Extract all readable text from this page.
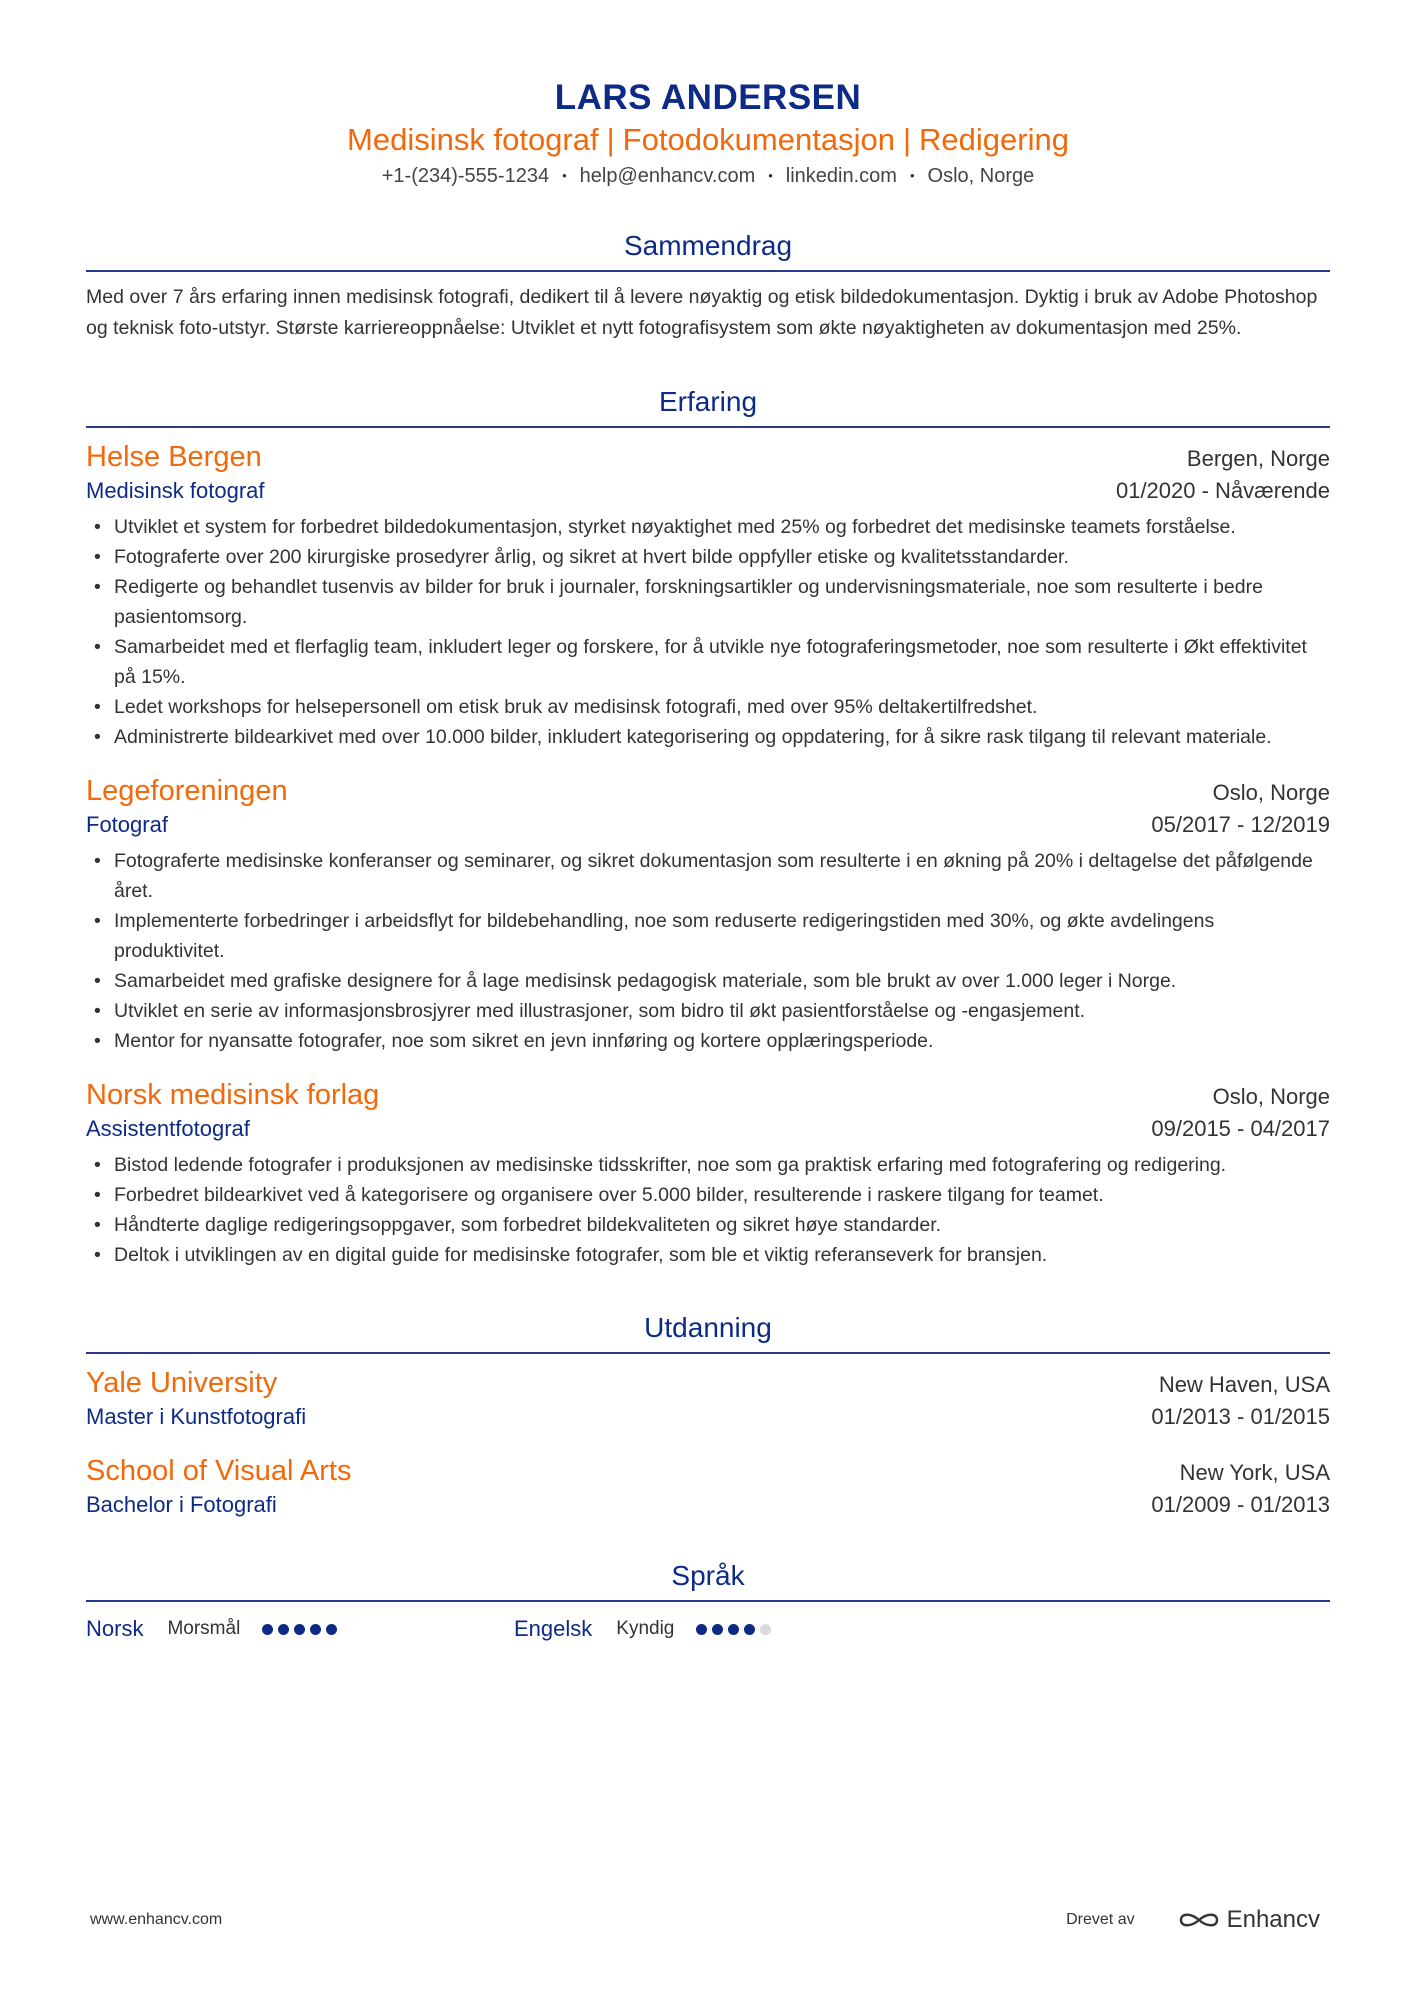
LARS ANDERSEN
Medisinsk fotograf | Fotodokumentasjon | Redigering
+1-(234)-555-1234 • help@enhancv.com • linkedin.com • Oslo, Norge
Sammendrag
Med over 7 års erfaring innen medisinsk fotografi, dedikert til å levere nøyaktig og etisk bildedokumentasjon. Dyktig i bruk av Adobe Photoshop og teknisk foto-utstyr. Største karriereoppnåelse: Utviklet et nytt fotografisystem som økte nøyaktigheten av dokumentasjon med 25%.
Erfaring
Helse Bergen	Bergen, Norge
Medisinsk fotograf	01/2020 - Nåværende
• Utviklet et system for forbedret bildedokumentasjon, styrket nøyaktighet med 25% og forbedret det medisinske teamets forståelse.
• Fotograferte over 200 kirurgiske prosedyrer årlig, og sikret at hvert bilde oppfyller etiske og kvalitetsstandarder.
• Redigerte og behandlet tusenvis av bilder for bruk i journaler, forskningsartikler og undervisningsmateriale, noe som resulterte i bedre pasientomsorg.
• Samarbeidet med et flerfaglig team, inkludert leger og forskere, for å utvikle nye fotograferingsmetoder, noe som resulterte i Økt effektivitet på 15%.
• Ledet workshops for helsepersonell om etisk bruk av medisinsk fotografi, med over 95% deltakertilfredshet.
• Administrerte bildearkivet med over 10.000 bilder, inkludert kategorisering og oppdatering, for å sikre rask tilgang til relevant materiale.
Legeforeningen	Oslo, Norge
Fotograf	05/2017 - 12/2019
• Fotograferte medisinske konferanser og seminarer, og sikret dokumentasjon som resulterte i en økning på 20% i deltagelse det påfølgende året.
• Implementerte forbedringer i arbeidsflyt for bildebehandling, noe som reduserte redigeringstiden med 30%, og økte avdelingens produktivitet.
• Samarbeidet med grafiske designere for å lage medisinsk pedagogisk materiale, som ble brukt av over 1.000 leger i Norge.
• Utviklet en serie av informasjonsbrosjyrer med illustrasjoner, som bidro til økt pasientforståelse og -engasjement.
• Mentor for nyansatte fotografer, noe som sikret en jevn innføring og kortere opplæringsperiode.
Norsk medisinsk forlag	Oslo, Norge
Assistentfotograf	09/2015 - 04/2017
• Bistod ledende fotografer i produksjonen av medisinske tidsskrifter, noe som ga praktisk erfaring med fotografering og redigering.
• Forbedret bildearkivet ved å kategorisere og organisere over 5.000 bilder, resulterende i raskere tilgang for teamet.
• Håndterte daglige redigeringsoppgaver, som forbedret bildekvaliteten og sikret høye standarder.
• Deltok i utviklingen av en digital guide for medisinske fotografer, som ble et viktig referanseverk for bransjen.
Utdanning
Yale University	New Haven, USA
Master i Kunstfotografi	01/2013 - 01/2015
School of Visual Arts	New York, USA
Bachelor i Fotografi	01/2009 - 01/2013
Språk
Norsk Morsmål	Engelsk Kyndig
www.enhancv.com	Drevet av	Enhancv
